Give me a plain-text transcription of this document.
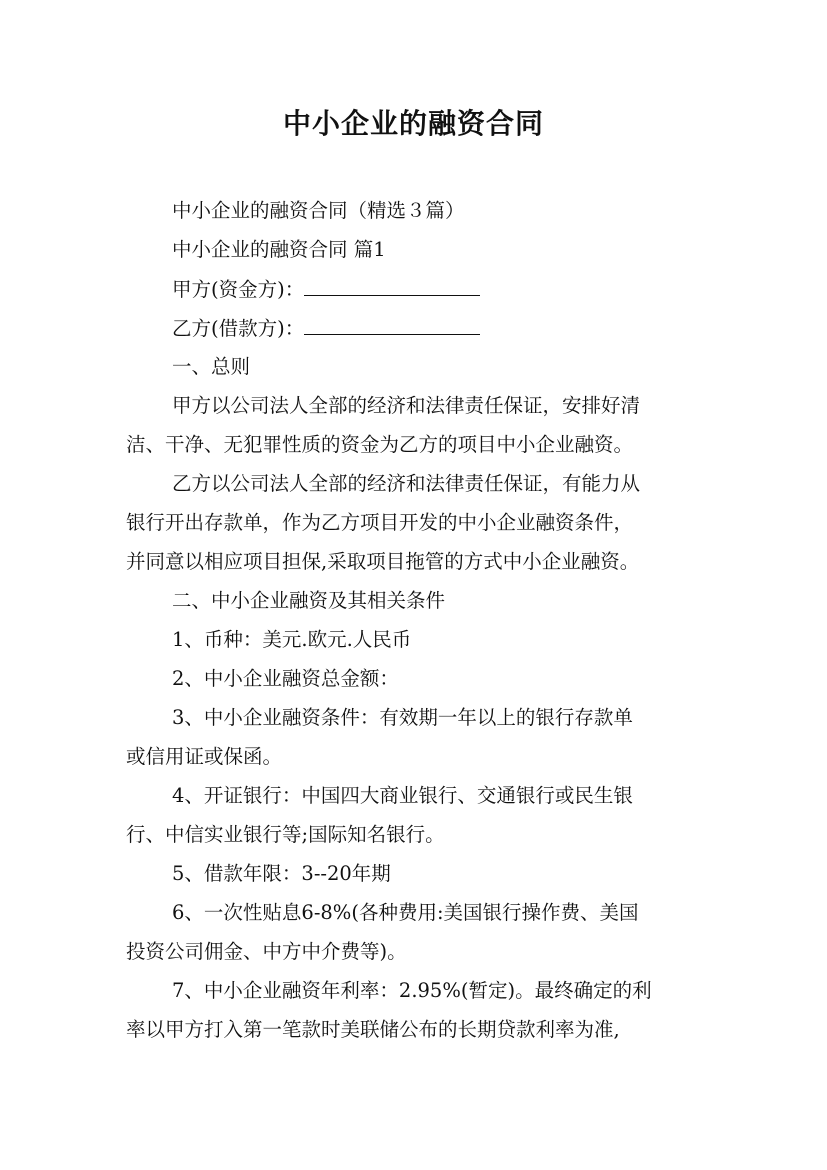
中小企业的融资合同
中小企业的融资合同（精选３篇）
中小企业的融资合同 篇1
甲方(资金方)：
乙方(借款方)：
一、总则
甲方以公司法人全部的经济和法律责任保证，安排好清
洁、干净、无犯罪性质的资金为乙方的项目中小企业融资。
乙方以公司法人全部的经济和法律责任保证，有能力从
银行开出存款单，作为乙方项目开发的中小企业融资条件，
并同意以相应项目担保,采取项目拖管的方式中小企业融资。
二、中小企业融资及其相关条件
1、币种：美元.欧元.人民币
2、中小企业融资总金额：
3、中小企业融资条件：有效期一年以上的银行存款单
或信用证或保函。
4、开证银行：中国四大商业银行、交通银行或民生银
行、中信实业银行等;国际知名银行。
5、借款年限：3--20年期
6、一次性贴息6-8%(各种费用:美国银行操作费、美国
投资公司佣金、中方中介费等)。
7、中小企业融资年利率：2.95%(暂定)。最终确定的利
率以甲方打入第一笔款时美联储公布的长期贷款利率为准,
